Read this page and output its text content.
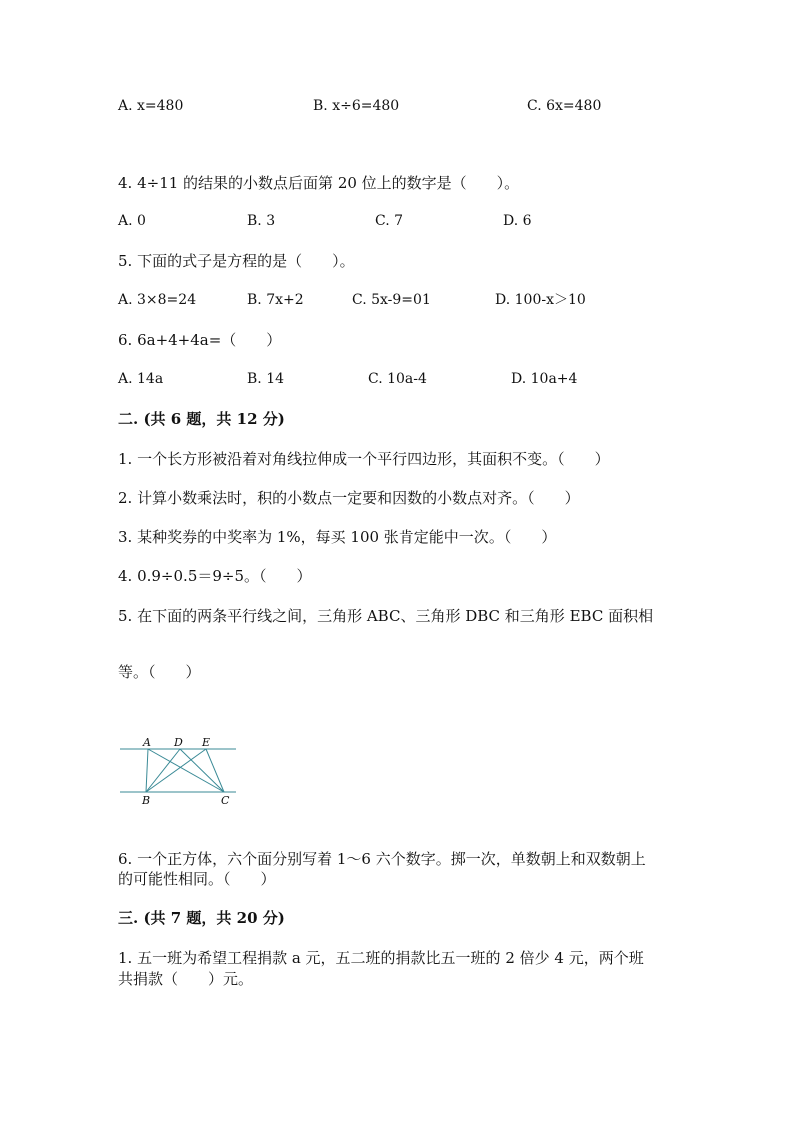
A. x=480	B. x÷6=480	C. 6x=480
4. 4÷11 的结果的小数点后面第 20 位上的数字是（　　）。
A. 0	B. 3	C. 7	D. 6
5. 下面的式子是方程的是（　　）。
A. 3×8=24	B. 7x+2	C. 5x-9=01	D. 100-x＞10
6. 6a+4+4a=（　　）
A. 14a	B. 14	C. 10a-4	D. 10a+4
二. (共 6 题，共 12 分)
1. 一个长方形被沿着对角线拉伸成一个平行四边形，其面积不变。（　　）
2. 计算小数乘法时，积的小数点一定要和因数的小数点对齐。（　　）
3. 某种奖券的中奖率为 1%，每买 100 张肯定能中一次。（　　）
4. 0.9÷0.5＝9÷5。（　　）
5. 在下面的两条平行线之间，三角形 ABC、三角形 DBC 和三角形 EBC 面积相
等。（　　）
A D E
B	C
6. 一个正方体，六个面分别写着 1～6 六个数字。掷一次，单数朝上和双数朝上
的可能性相同。（　　）
三. (共 7 题，共 20 分)
1. 五一班为希望工程捐款 a 元，五二班的捐款比五一班的 2 倍少 4 元，两个班
共捐款（　　）元。
